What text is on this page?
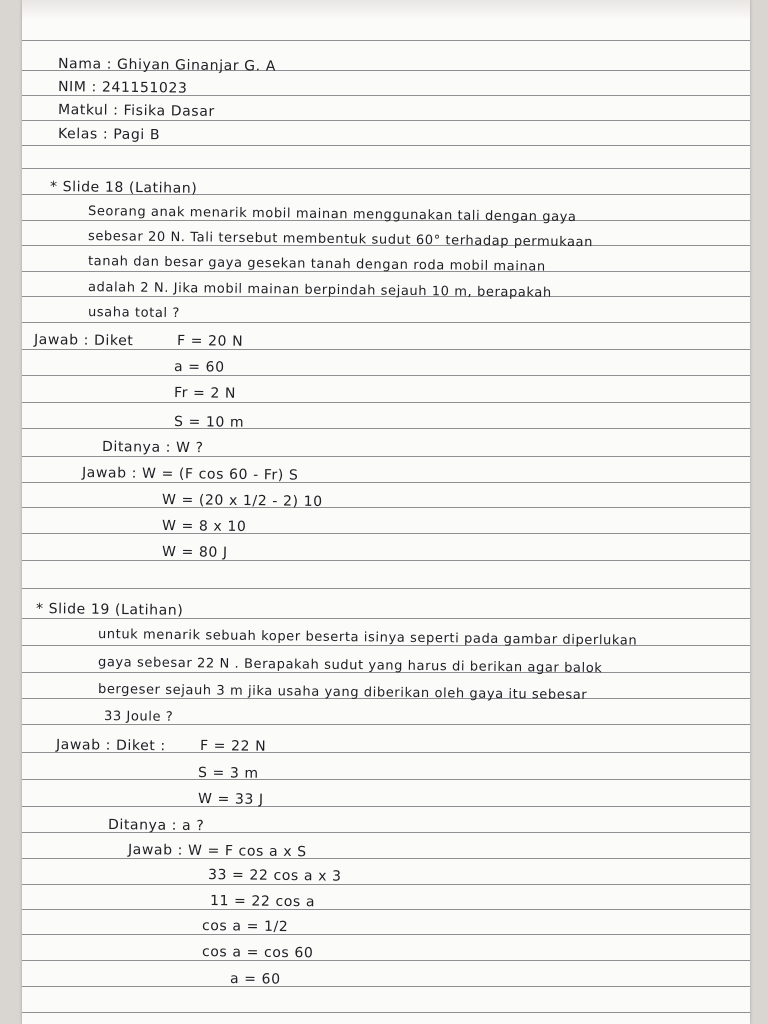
Nama : Ghiyan Ginanjar G. A
NIM : 241151023
Matkul : Fisika Dasar
Kelas : Pagi B
* Slide 18 (Latihan)
Seorang anak menarik mobil mainan menggunakan tali dengan gaya
sebesar 20 N. Tali tersebut membentuk sudut 60° terhadap permukaan
tanah dan besar gaya gesekan tanah dengan roda mobil mainan
adalah 2 N. Jika mobil mainan berpindah sejauh 10 m, berapakah
usaha total ?
Jawab : Diket	F = 20 N
a = 60
Fr = 2 N
S = 10 m
Ditanya : W ?
Jawab : W = (F cos 60 - Fr) S
W = (20 x 1/2 - 2) 10
W = 8 x 10
W = 80 J
* Slide 19 (Latihan)
untuk menarik sebuah koper beserta isinya seperti pada gambar diperlukan
gaya sebesar 22 N . Berapakah sudut yang harus di berikan agar balok
bergeser sejauh 3 m jika usaha yang diberikan oleh gaya itu sebesar
33 Joule ?
Jawab : Diket : F = 22 N
S = 3 m
W = 33 J
Ditanya : a ?
Jawab : W = F cos a x S
33 = 22 cos a x 3
11 = 22 cos a
cos a = 1/2
cos a = cos 60
a = 60
